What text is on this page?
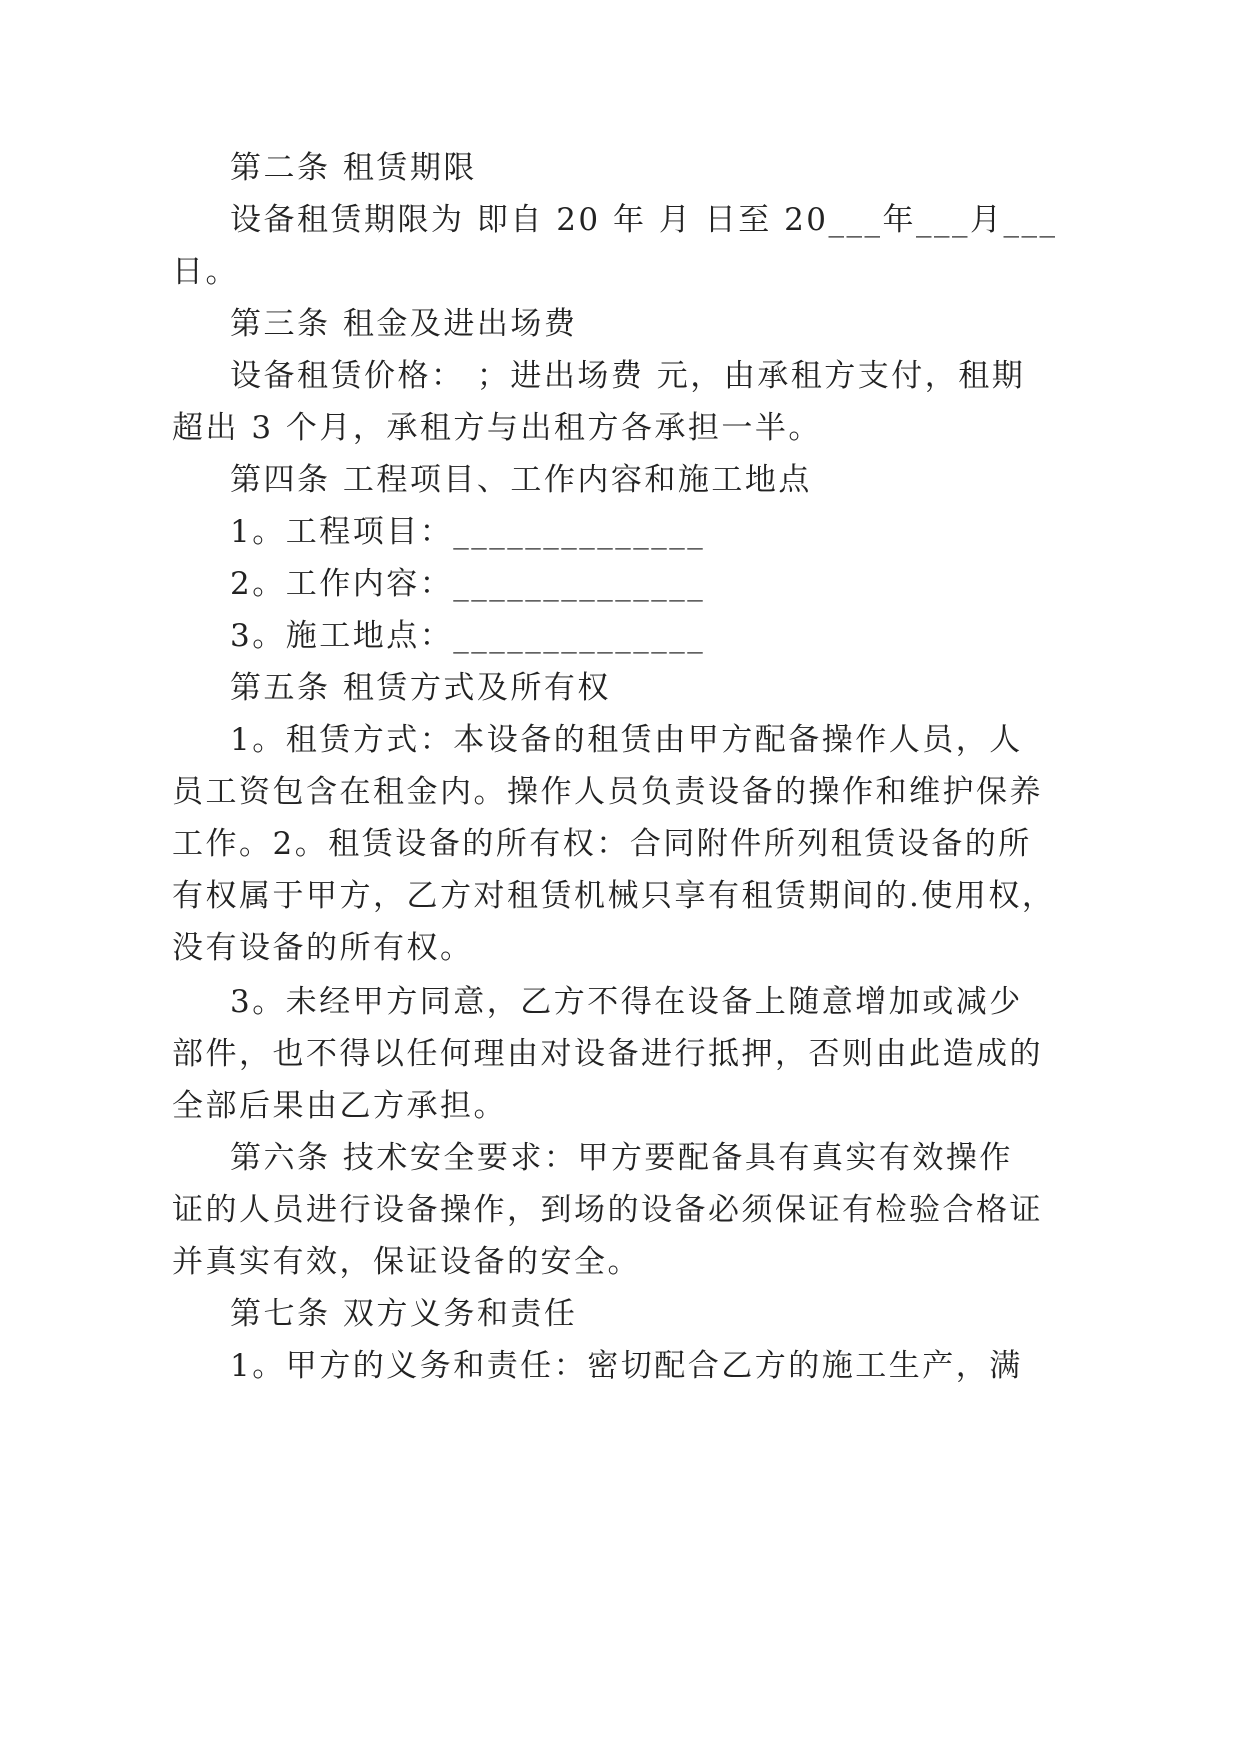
第二条 租赁期限
设备租赁期限为 即自 20 年 月 日至 20___年___月___
日。
第三条 租金及进出场费
设备租赁价格： ；进出场费 元，由承租方支付，租期
超出 3 个月，承租方与出租方各承担一半。
第四条 工程项目、工作内容和施工地点
1。工程项目：______________
2。工作内容：______________
3。施工地点：______________
第五条 租赁方式及所有权
1。租赁方式：本设备的租赁由甲方配备操作人员，人
员工资包含在租金内。操作人员负责设备的操作和维护保养
工作。2。租赁设备的所有权：合同附件所列租赁设备的所
有权属于甲方，乙方对租赁机械只享有租赁期间的.使用权，
没有设备的所有权。
3。未经甲方同意，乙方不得在设备上随意增加或减少
部件，也不得以任何理由对设备进行抵押，否则由此造成的
全部后果由乙方承担。
第六条 技术安全要求：甲方要配备具有真实有效操作
证的人员进行设备操作，到场的设备必须保证有检验合格证
并真实有效，保证设备的安全。
第七条 双方义务和责任
1。甲方的义务和责任：密切配合乙方的施工生产，满
